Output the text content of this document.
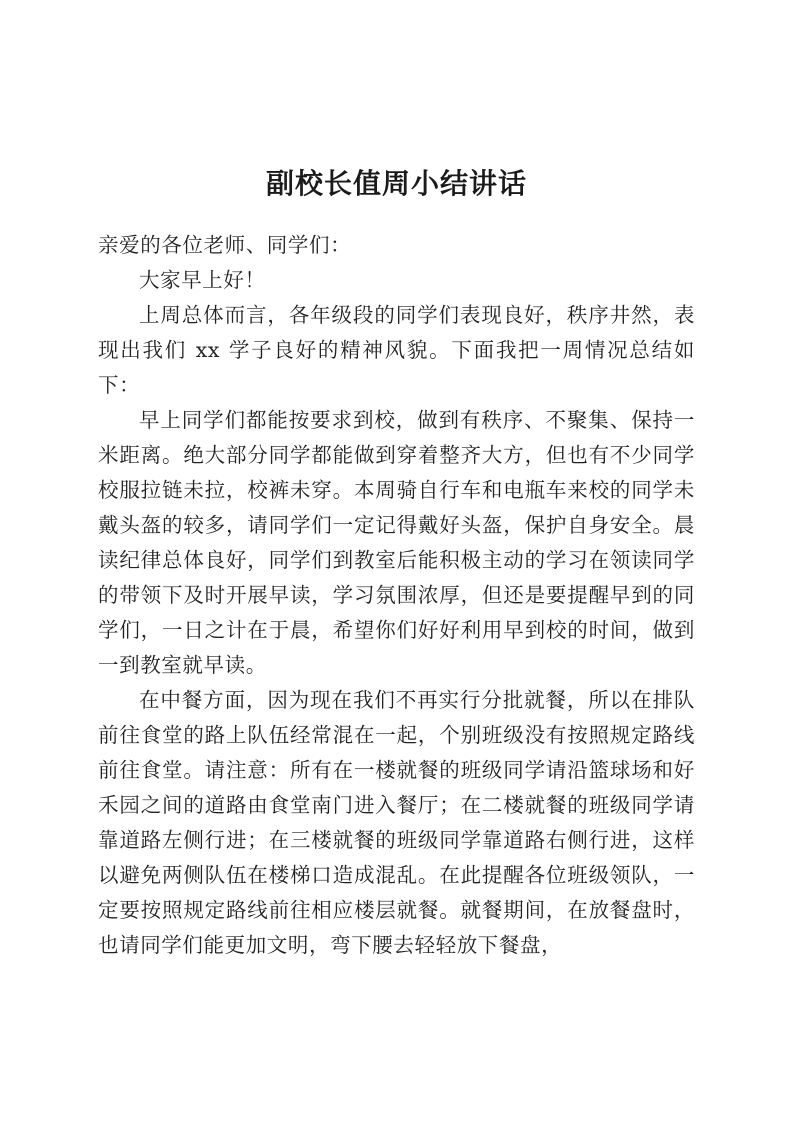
副校长值周小结讲话

亲爱的各位老师、同学们：

大家早上好！

上周总体而言，各年级段的同学们表现良好，秩序井然，表现出我们 xx 学子良好的精神风貌。下面我把一周情况总结如下：

早上同学们都能按要求到校，做到有秩序、不聚集、保持一米距离。绝大部分同学都能做到穿着整齐大方，但也有不少同学校服拉链未拉，校裤未穿。本周骑自行车和电瓶车来校的同学未戴头盔的较多，请同学们一定记得戴好头盔，保护自身安全。晨读纪律总体良好，同学们到教室后能积极主动的学习在领读同学的带领下及时开展早读，学习氛围浓厚，但还是要提醒早到的同学们，一日之计在于晨，希望你们好好利用早到校的时间，做到一到教室就早读。

在中餐方面，因为现在我们不再实行分批就餐，所以在排队前往食堂的路上队伍经常混在一起，个别班级没有按照规定路线前往食堂。请注意：所有在一楼就餐的班级同学请沿篮球场和好禾园之间的道路由食堂南门进入餐厅；在二楼就餐的班级同学请靠道路左侧行进；在三楼就餐的班级同学靠道路右侧行进，这样以避免两侧队伍在楼梯口造成混乱。在此提醒各位班级领队，一定要按照规定路线前往相应楼层就餐。就餐期间，在放餐盘时，也请同学们能更加文明，弯下腰去轻轻放下餐盘，
